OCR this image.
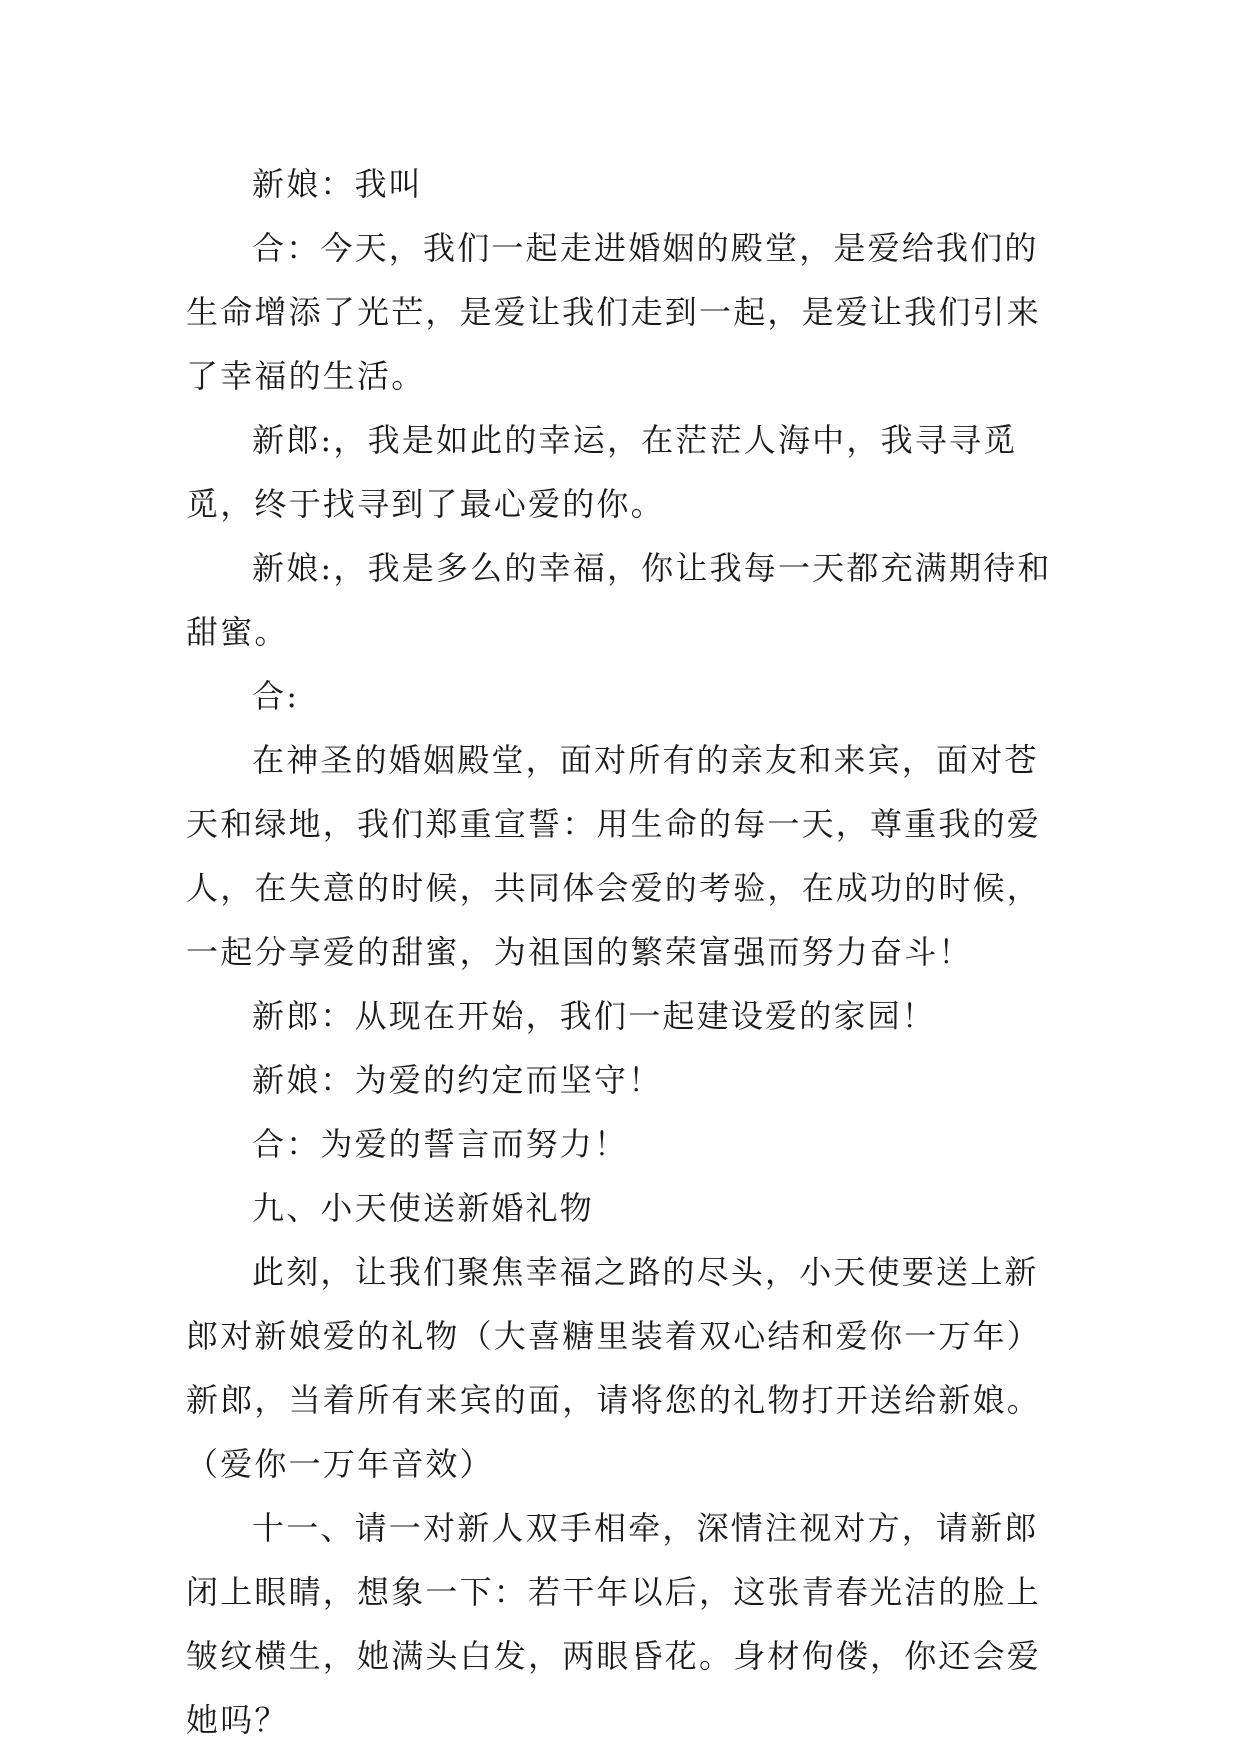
新娘：我叫

合：今天，我们一起走进婚姻的殿堂，是爱给我们的生命增添了光芒，是爱让我们走到一起，是爱让我们引来了幸福的生活。

新郎:，我是如此的幸运，在茫茫人海中，我寻寻觅觅，终于找寻到了最心爱的你。

新娘:，我是多么的幸福，你让我每一天都充满期待和甜蜜。

合:

在神圣的婚姻殿堂，面对所有的亲友和来宾，面对苍天和绿地，我们郑重宣誓：用生命的每一天，尊重我的爱人，在失意的时候，共同体会爱的考验，在成功的时候，一起分享爱的甜蜜，为祖国的繁荣富强而努力奋斗！

新郎：从现在开始，我们一起建设爱的家园！

新娘：为爱的约定而坚守！

合：为爱的誓言而努力！

九、小天使送新婚礼物

此刻，让我们聚焦幸福之路的尽头，小天使要送上新郎对新娘爱的礼物（大喜糖里装着双心结和爱你一万年）新郎，当着所有来宾的面，请将您的礼物打开送给新娘。（爱你一万年音效）

十一、请一对新人双手相牵，深情注视对方，请新郎闭上眼睛，想象一下：若干年以后，这张青春光洁的脸上皱纹横生，她满头白发，两眼昏花。身材佝偻，你还会爱她吗？
